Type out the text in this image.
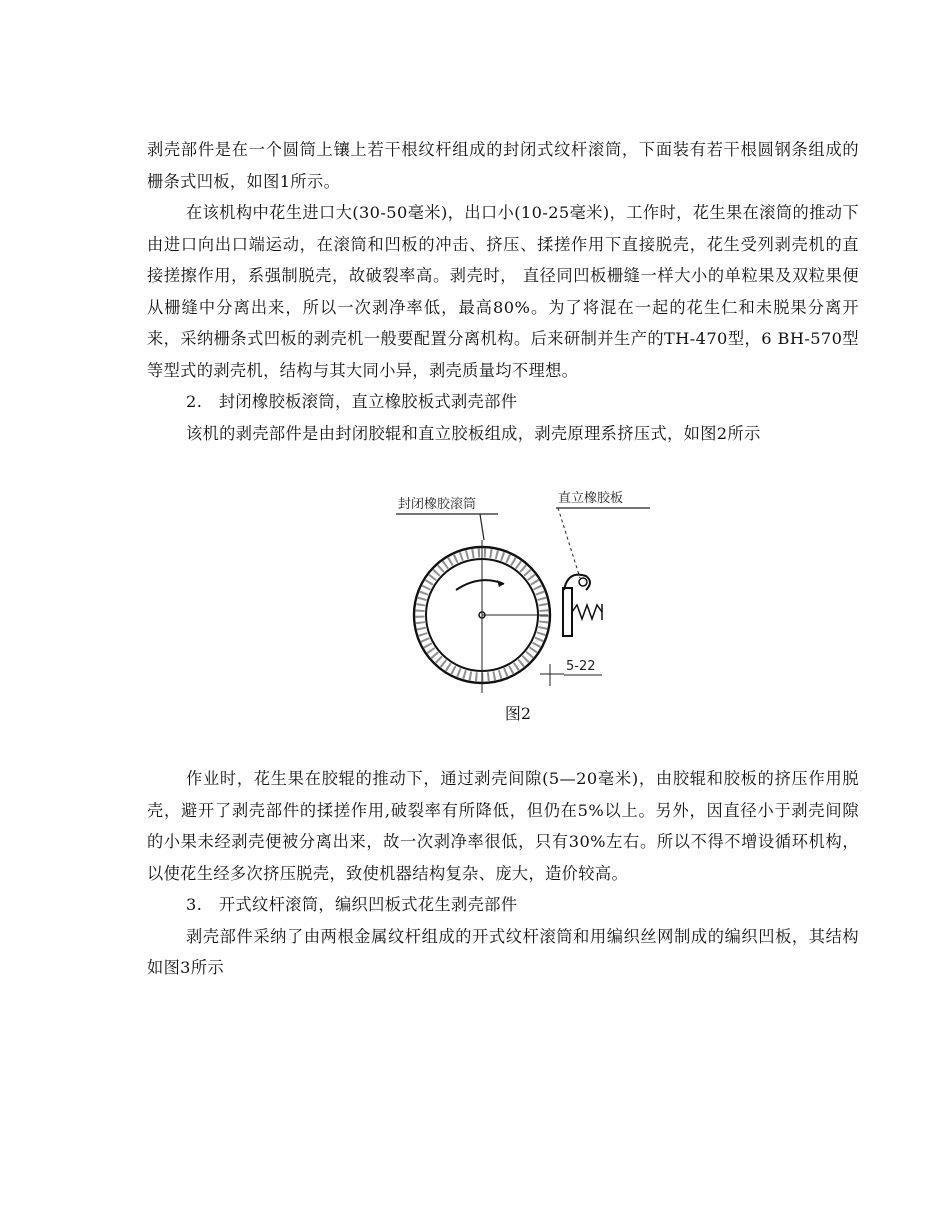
剥壳部件是在一个圆筒上镶上若干根纹杆组成的封闭式纹杆滚筒，下面装有若干根圆钢条组成的栅条式凹板，如图1所示。

在该机构中花生进口大(30-50毫米)，出口小(10-25毫米)，工作时，花生果在滚筒的推动下由进口向出口端运动，在滚筒和凹板的冲击、挤压、揉搓作用下直接脱壳，花生受列剥壳机的直接搓擦作用，系强制脱壳，故破裂率高。剥壳时， 直径同凹板栅缝一样大小的单粒果及双粒果便从栅缝中分离出来，所以一次剥净率低，最高80%。为了将混在一起的花生仁和未脱果分离开来，采纳栅条式凹板的剥壳机一般要配置分离机构。后来研制并生产的TH-470型，6 BH-570型等型式的剥壳机，结构与其大同小异，剥壳质量均不理想。

2.　封闭橡胶板滚筒，直立橡胶板式剥壳部件

该机的剥壳部件是由封闭胶辊和直立胶板组成，剥壳原理系挤压式，如图2所示

封闭橡胶滚筒	直立橡胶板
5-22
图2

作业时，花生果在胶辊的推动下，通过剥壳间隙(5—20毫米)，由胶辊和胶板的挤压作用脱壳，避开了剥壳部件的揉搓作用,破裂率有所降低，但仍在5%以上。另外，因直径小于剥壳间隙的小果未经剥壳便被分离出来，故一次剥净率很低，只有30%左右。所以不得不增设循环机构，以使花生经多次挤压脱壳，致使机器结构复杂、庞大，造价较高。

3.　开式纹杆滚筒，编织凹板式花生剥壳部件

剥壳部件采纳了由两根金属纹杆组成的开式纹杆滚筒和用编织丝网制成的编织凹板，其结构如图3所示
